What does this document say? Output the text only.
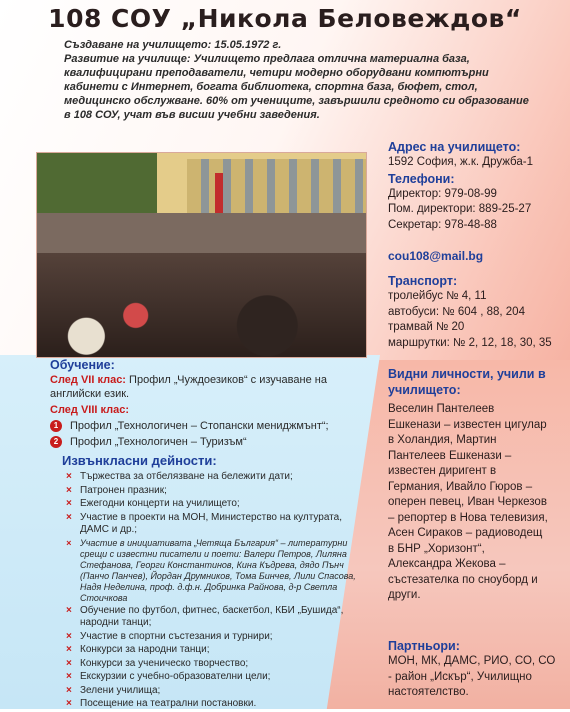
108 СОУ „Никола Беловеждов“
Създаване на училището: 15.05.1972 г.
Развитие на училище: Училището предлага отлична материална база, квалифицирани преподаватели, четири модерно оборудвани компютърни кабинети с Интернет, богата библиотека, спортна база, бюфет, стол, медицинско обслужване. 60% от учениците, завършили средното си образование в 108 СОУ, учат във висши учебни заведения.
Адрес на училището:
1592 София, ж.к. Дружба-1
Телефони:
Директор: 979-08-99
Пом. директори: 889-25-27
Секретар: 978-48-88
cou108@mail.bg
Транспорт:
тролейбус № 4, 11
автобуси: № 604 , 88, 204
трамвай № 20
маршрутки: № 2, 12, 18, 30, 35
Видни личности, учили в училището:
Веселин Пантелеев Ешкенази – известен цигулар в Холандия, Мартин Пантелеев Ешкенази – известен диригент в Германия, Ивайло Гюров – оперен певец, Иван Черкезов – репортер в Нова телевизия, Асен Сираков – радиоводещ в БНР „Хоризонт“, Александра Жекова – състезателка по сноуборд и други.
Партньори:
МОН, МК, ДАМС, РИО, СО, СО - район „Искър“, Училищно настоятелство.
Обучение:
След VII клас: Профил „Чуждоезиков“ с изучаване на английски език.
След VIII клас:
1 Профил „Технологичен – Стопански мениджмънт“;
2 Профил „Технологичен – Туризъм“
Извънкласни дейности:
× Тържества за отбелязване на бележити дати;
× Патронен празник;
× Ежегодни концерти на училището;
× Участие в проекти на МОН, Министерство на културата, ДАМС и др.;
× Участие в инициативата „Четяща България“ – литературни срещи с известни писатели и поети: Валери Петров, Лиляна Стефанова, Георги Константинов, Кина Къдрева, дядо Пънч (Панчо Панчев), Йордан Друмников, Тома Бинчев, Лили Спасова, Надя Неделина, проф. д.ф.н. Добринка Райнова, д-р Светла Стоичкова
× Обучение по футбол, фитнес, баскетбол, КБИ „Бушида“, народни танци;
× Участие в спортни състезания и турнири;
× Конкурси за народни танци;
× Конкурси за ученическо творчество;
× Екскурзии с учебно-образователни цели;
× Зелени училища;
× Посещение на театрални постановки.
